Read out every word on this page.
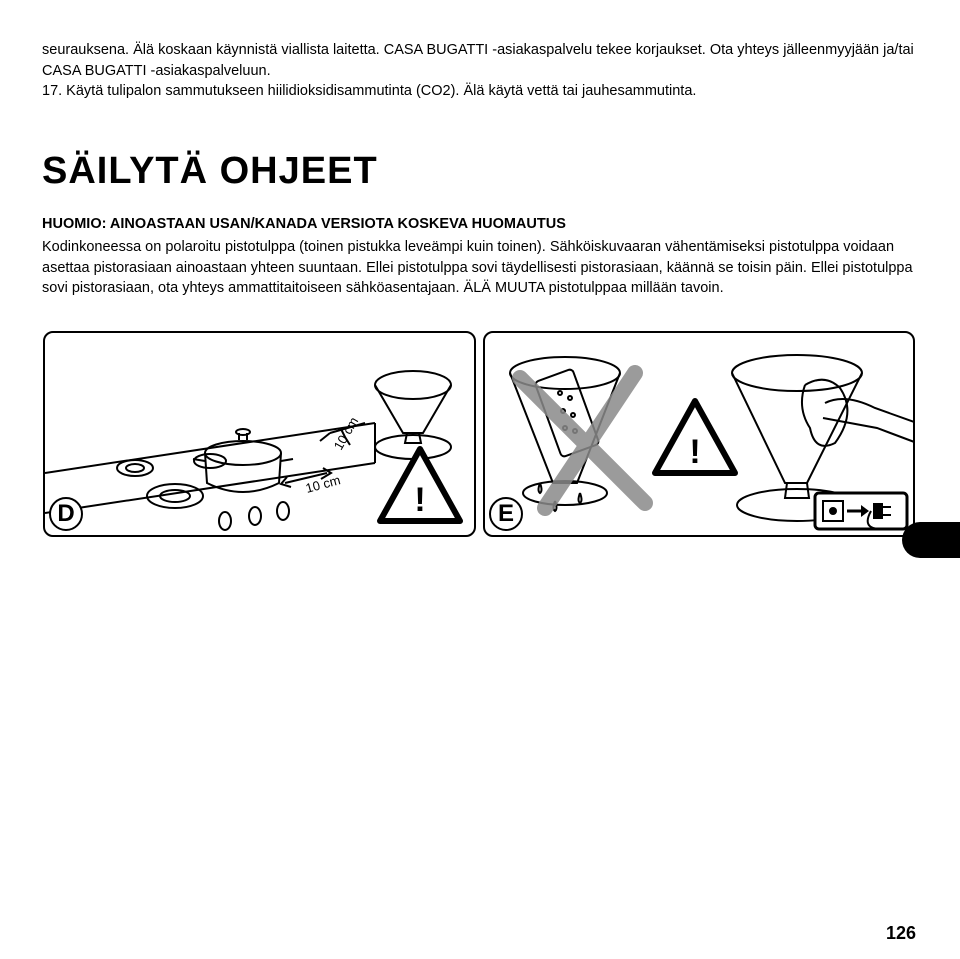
seurauksena. Älä koskaan käynnistä viallista laitetta. CASA BUGATTI -asiakaspalvelu tekee korjaukset. Ota yhteys jälleenmyyjään ja/tai CASA BUGATTI -asiakaspalveluun.
17. Käytä tulipalon sammutukseen hiilidioksidisammutinta (CO2). Älä käytä vettä tai jauhesammutinta.

SÄILYTÄ OHJEET

HUOMIO: AINOASTAAN USAN/KANADA VERSIOTA KOSKEVA HUOMAUTUS

Kodinkoneessa on polaroitu pistotulppa (toinen pistukka leveämpi kuin toinen). Sähköiskuvaaran vähentämiseksi pistotulppa voidaan asettaa pistorasiaan ainoastaan yhteen suuntaan. Ellei pistotulppa sovi täydellisesti pistorasiaan, käännä se toisin päin. Ellei pistotulppa sovi pistorasiaan, ota yhteys ammattitaitoiseen sähköasentajaan. ÄLÄ MUUTA pistotulppaa millään tavoin.

10 cm
10 cm !
D
!
E

126
